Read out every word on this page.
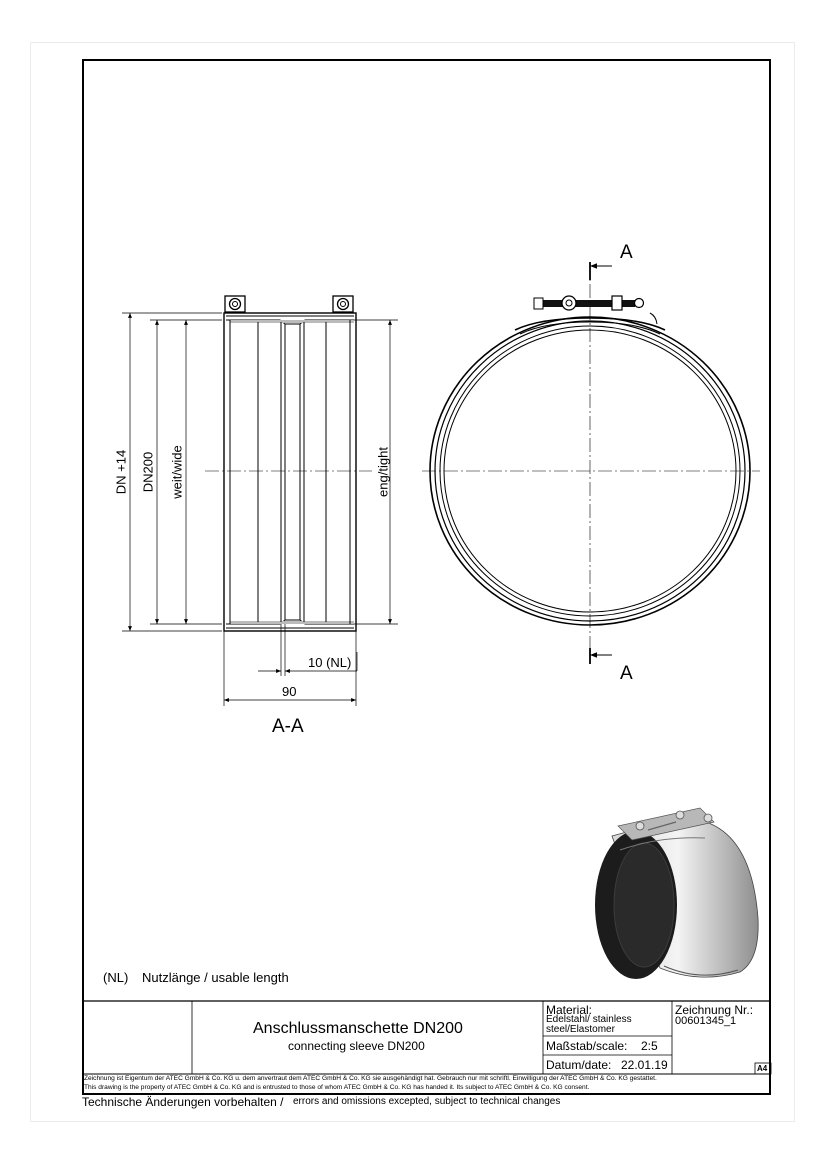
A
A
A-A
DN +14 DN200 weit/wide	eng/tight
10 (NL)
90
(NL) Nutzlänge / usable length
Anschlussmanschette DN200
connecting sleeve DN200
Material:
Edelstahl/ stainless
steel/Elastomer
Zeichnung Nr.:
00601345_1
Maßstab/scale: 2:5
Datum/date: 22.01.19	A4
Zeichnung ist Eigentum der ATEC GmbH & Co. KG u. dem anvertraut dem ATEC GmbH & Co. KG sie ausgehändigt hat. Gebrauch nur mit schriftl. Einwilligung der ATEC GmbH & Co. KG gestattet.
This drawing is the property of ATEC GmbH & Co. KG and is entrusted to those of whom ATEC GmbH & Co. KG has handed it. Its subject to ATEC GmbH & Co. KG consent.
Technische Änderungen vorbehalten / errors and omissions excepted, subject to technical changes
